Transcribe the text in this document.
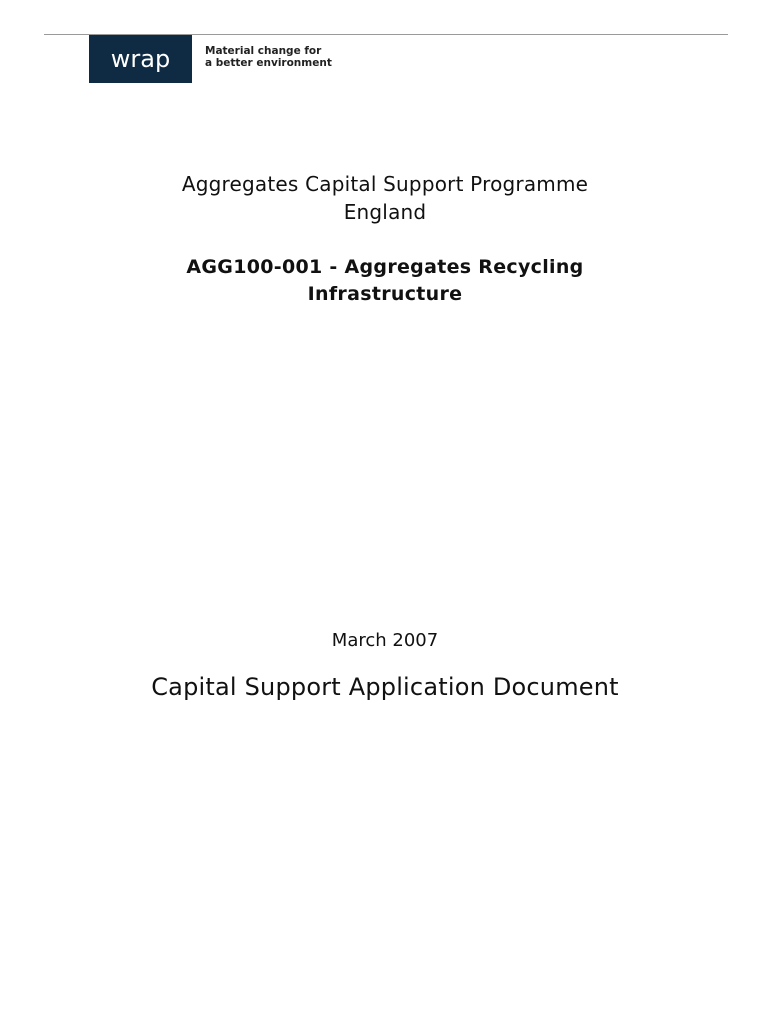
wrap	Material change for
a better environment
Aggregates Capital Support Programme
England
AGG100-001 - Aggregates Recycling
Infrastructure
March 2007
Capital Support Application Document
